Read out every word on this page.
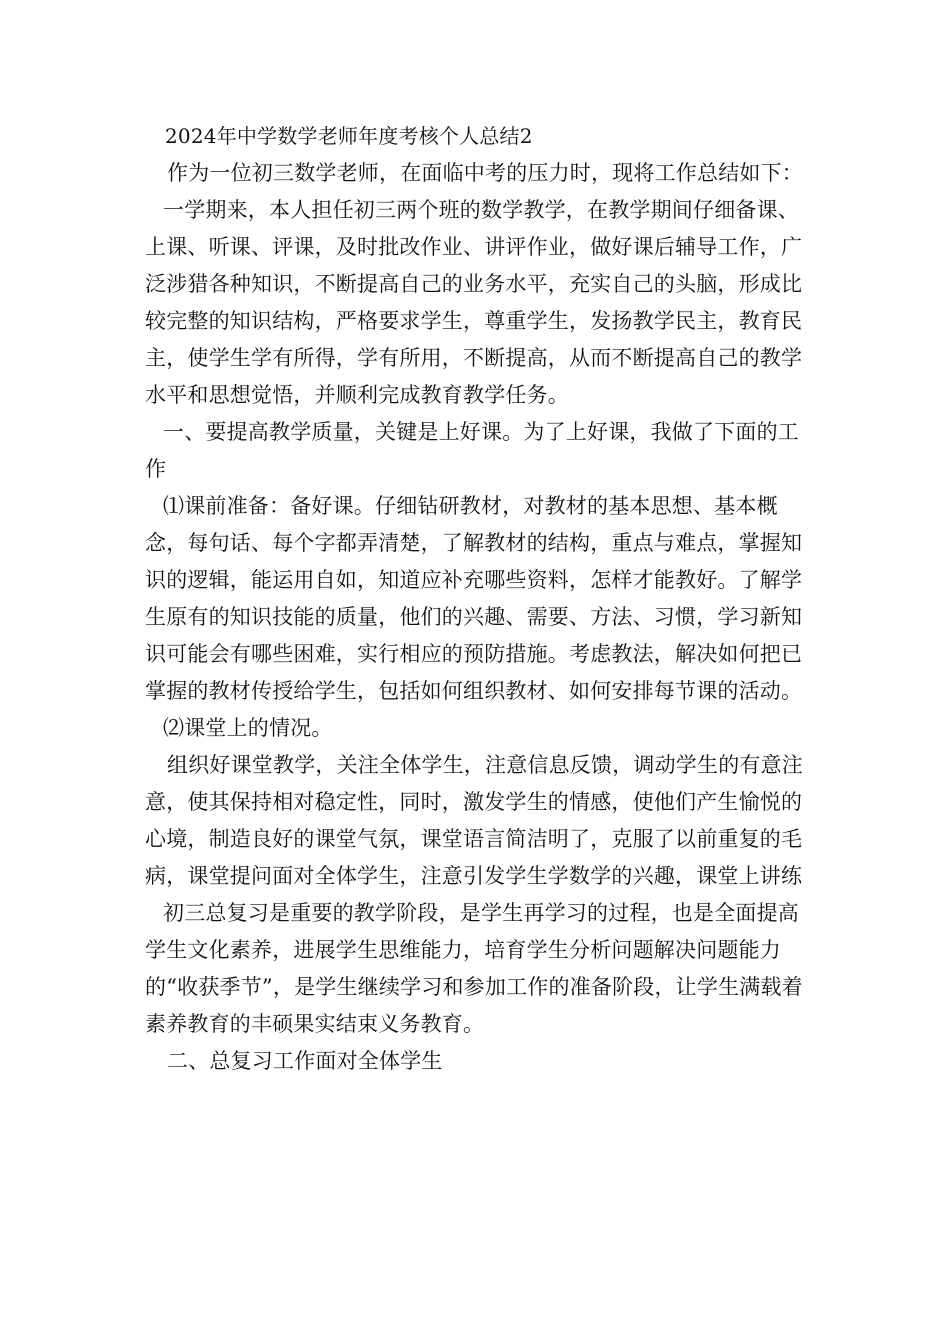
2024年中学数学老师年度考核个人总结2

作为一位初三数学老师，在面临中考的压力时，现将工作总结如下：

一学期来，本人担任初三两个班的数学教学，在教学期间仔细备课、上课、听课、评课，及时批改作业、讲评作业，做好课后辅导工作，广泛涉猎各种知识，不断提高自己的业务水平，充实自己的头脑，形成比较完整的知识结构，严格要求学生，尊重学生，发扬教学民主，教育民主，使学生学有所得，学有所用，不断提高，从而不断提高自己的教学水平和思想觉悟，并顺利完成教育教学任务。

一、要提高教学质量，关键是上好课。为了上好课，我做了下面的工作

⑴课前准备：备好课。仔细钻研教材，对教材的基本思想、基本概念，每句话、每个字都弄清楚，了解教材的结构，重点与难点，掌握知识的逻辑，能运用自如，知道应补充哪些资料，怎样才能教好。了解学生原有的知识技能的质量，他们的兴趣、需要、方法、习惯，学习新知识可能会有哪些困难，实行相应的预防措施。考虑教法，解决如何把已掌握的教材传授给学生，包括如何组织教材、如何安排每节课的活动。

⑵课堂上的情况。

组织好课堂教学，关注全体学生，注意信息反馈，调动学生的有意注意，使其保持相对稳定性，同时，激发学生的情感，使他们产生愉悦的心境，制造良好的课堂气氛，课堂语言简洁明了，克服了以前重复的毛病，课堂提问面对全体学生，注意引发学生学数学的兴趣，课堂上讲练

初三总复习是重要的教学阶段，是学生再学习的过程，也是全面提高学生文化素养，进展学生思维能力，培育学生分析问题解决问题能力的“收获季节”，是学生继续学习和参加工作的准备阶段，让学生满载着素养教育的丰硕果实结束义务教育。

二、总复习工作面对全体学生
